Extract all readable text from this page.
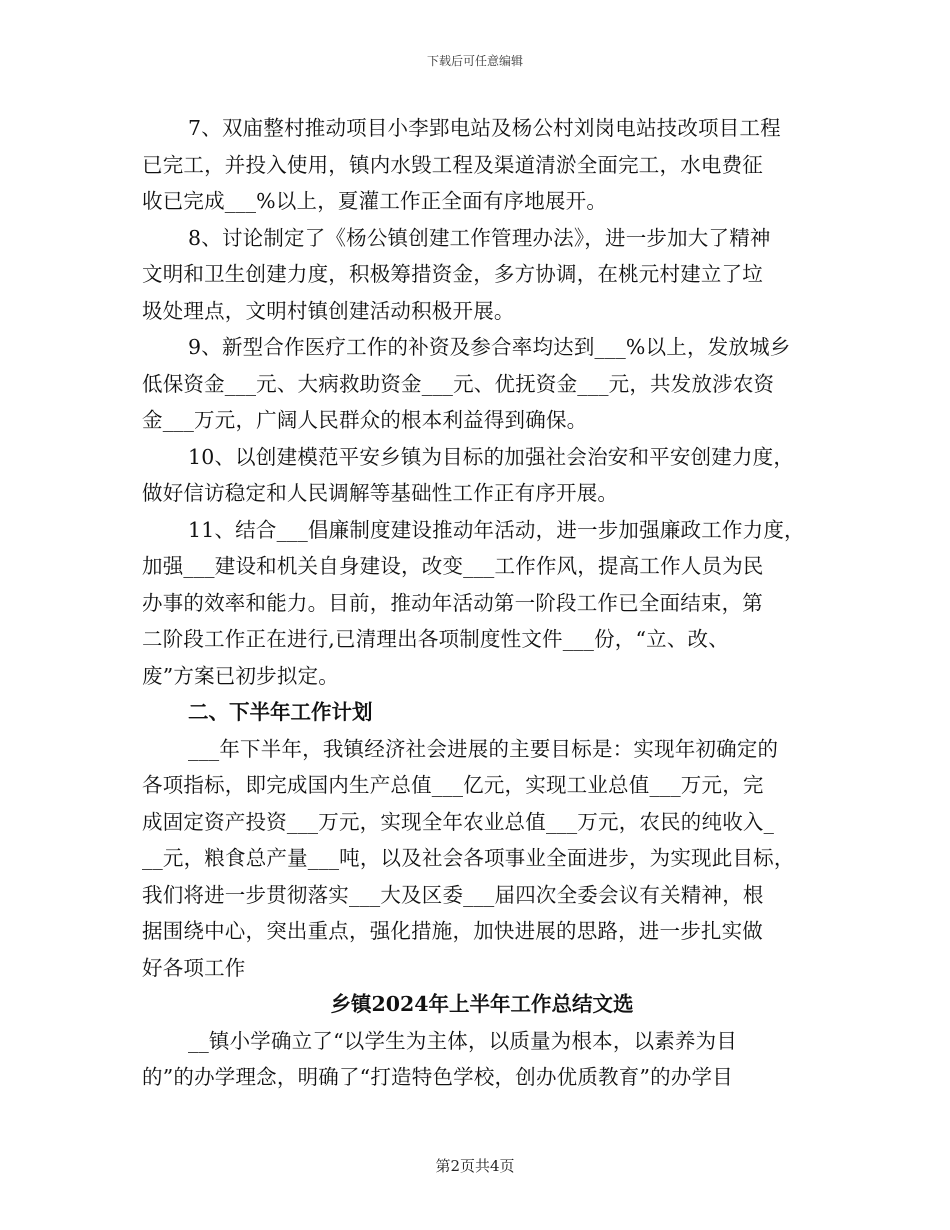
下载后可任意编辑

7、双庙整村推动项目小李郢电站及杨公村刘岗电站技改项目工程
已完工，并投入使用，镇内水毁工程及渠道清淤全面完工，水电费征
收已完成___%以上，夏灌工作正全面有序地展开。

8、讨论制定了《杨公镇创建工作管理办法》，进一步加大了精神
文明和卫生创建力度，积极筹措资金，多方协调，在桃元村建立了垃
圾处理点，文明村镇创建活动积极开展。

9、新型合作医疗工作的补资及参合率均达到___%以上，发放城乡
低保资金___元、大病救助资金___元、优抚资金___元，共发放涉农资
金___万元，广阔人民群众的根本利益得到确保。

10、以创建模范平安乡镇为目标的加强社会治安和平安创建力度，
做好信访稳定和人民调解等基础性工作正有序开展。

11、结合___倡廉制度建设推动年活动，进一步加强廉政工作力度，
加强___建设和机关自身建设，改变___工作作风，提高工作人员为民
办事的效率和能力。目前，推动年活动第一阶段工作已全面结束，第
二阶段工作正在进行,已清理出各项制度性文件___份，“立、改、
废”方案已初步拟定。

二、下半年工作计划

___年下半年，我镇经济社会进展的主要目标是：实现年初确定的
各项指标，即完成国内生产总值___亿元，实现工业总值___万元，完
成固定资产投资___万元，实现全年农业总值___万元，农民的纯收入_
__元，粮食总产量___吨，以及社会各项事业全面进步，为实现此目标，
我们将进一步贯彻落实___大及区委___届四次全委会议有关精神，根
据围绕中心，突出重点，强化措施，加快进展的思路，进一步扎实做
好各项工作

乡镇2024年上半年工作总结文选

__镇小学确立了“以学生为主体，以质量为根本，以素养为目
的”的办学理念，明确了“打造特色学校，创办优质教育”的办学目

第2页共4页
